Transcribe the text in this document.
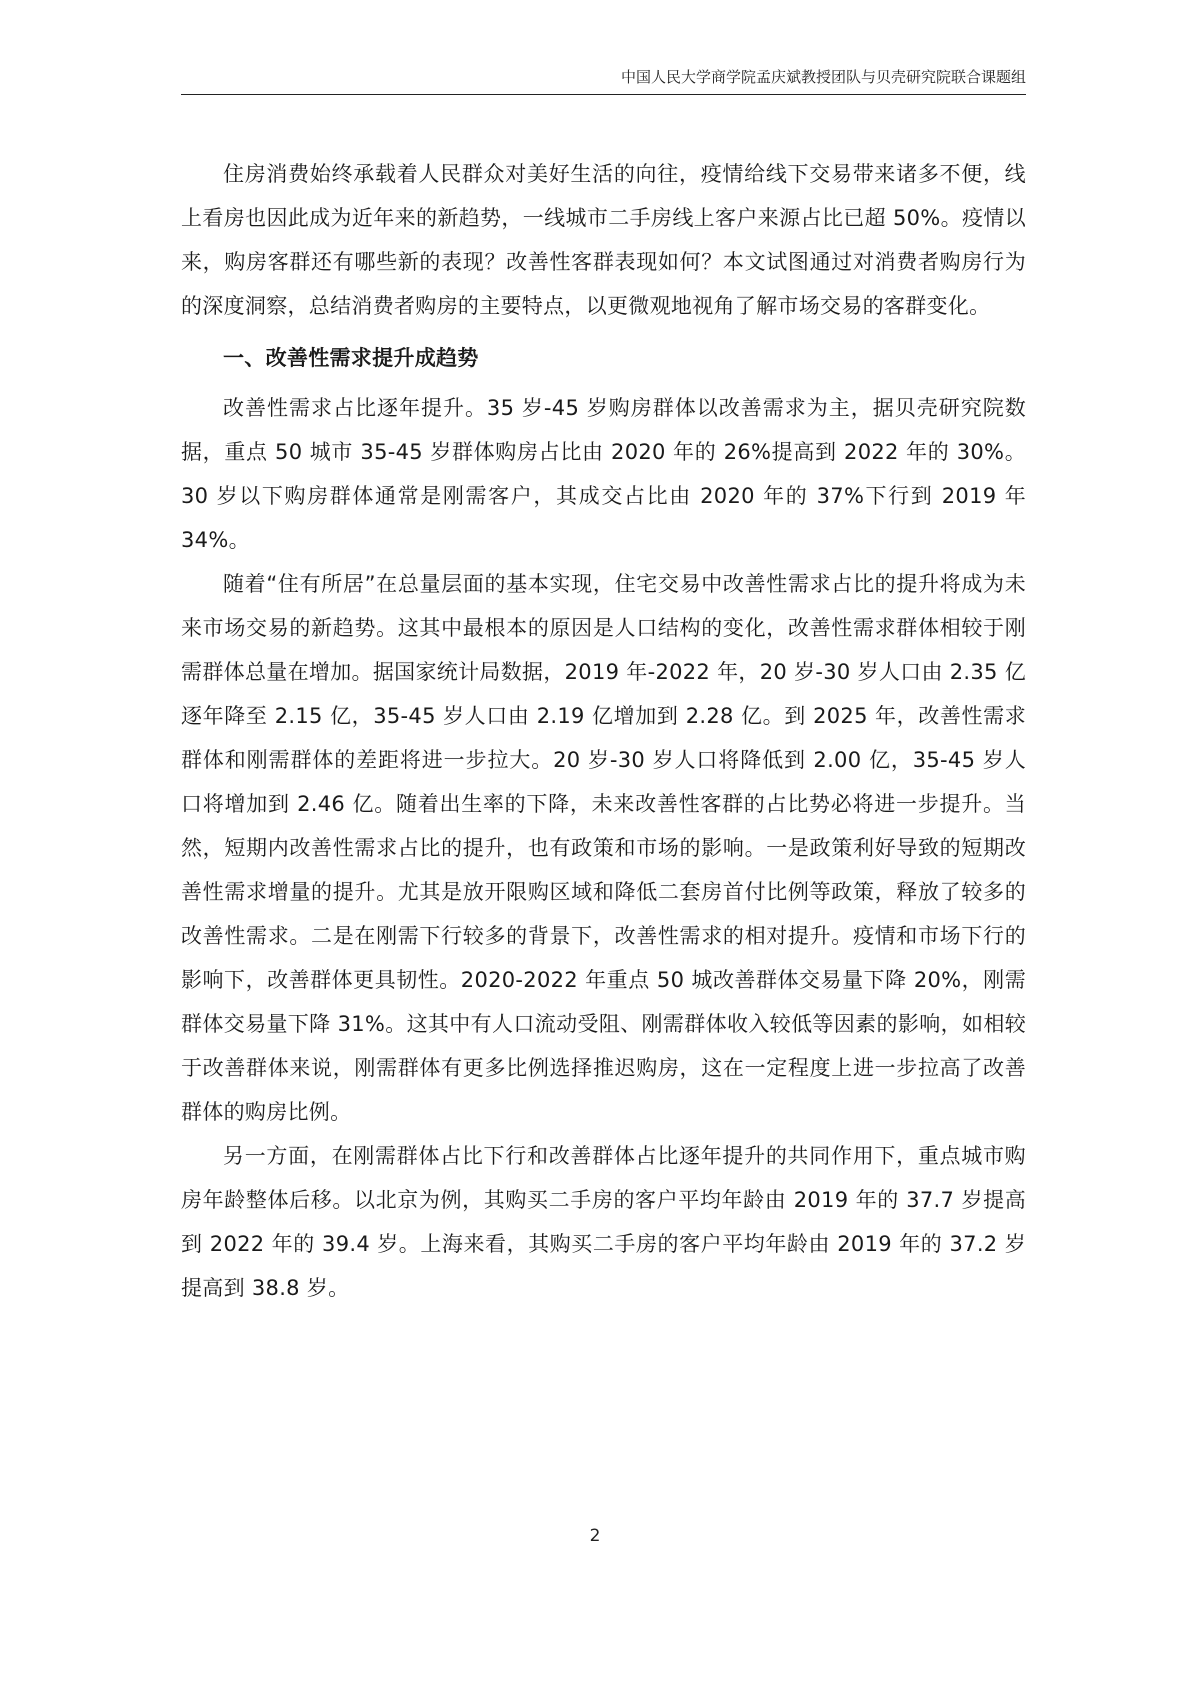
中国人民大学商学院孟庆斌教授团队与贝壳研究院联合课题组

住房消费始终承载着人民群众对美好生活的向往，疫情给线下交易带来诸多不便，线上看房也因此成为近年来的新趋势，一线城市二手房线上客户来源占比已超 50%。疫情以来，购房客群还有哪些新的表现？改善性客群表现如何？本文试图通过对消费者购房行为的深度洞察，总结消费者购房的主要特点，以更微观地视角了解市场交易的客群变化。

一、改善性需求提升成趋势

改善性需求占比逐年提升。35 岁-45 岁购房群体以改善需求为主，据贝壳研究院数据，重点 50 城市 35-45 岁群体购房占比由 2020 年的 26%提高到 2022 年的 30%。30 岁以下购房群体通常是刚需客户，其成交占比由 2020 年的 37%下行到 2019 年 34%。

随着“住有所居”在总量层面的基本实现，住宅交易中改善性需求占比的提升将成为未来市场交易的新趋势。这其中最根本的原因是人口结构的变化，改善性需求群体相较于刚需群体总量在增加。据国家统计局数据，2019 年-2022 年，20 岁-30 岁人口由 2.35 亿逐年降至 2.15 亿，35-45 岁人口由 2.19 亿增加到 2.28 亿。到 2025 年，改善性需求群体和刚需群体的差距将进一步拉大。20 岁-30 岁人口将降低到 2.00 亿，35-45 岁人口将增加到 2.46 亿。随着出生率的下降，未来改善性客群的占比势必将进一步提升。当然，短期内改善性需求占比的提升，也有政策和市场的影响。一是政策利好导致的短期改善性需求增量的提升。尤其是放开限购区域和降低二套房首付比例等政策，释放了较多的改善性需求。二是在刚需下行较多的背景下，改善性需求的相对提升。疫情和市场下行的影响下，改善群体更具韧性。2020-2022 年重点 50 城改善群体交易量下降 20%，刚需群体交易量下降 31%。这其中有人口流动受阻、刚需群体收入较低等因素的影响，如相较于改善群体来说，刚需群体有更多比例选择推迟购房，这在一定程度上进一步拉高了改善群体的购房比例。

另一方面，在刚需群体占比下行和改善群体占比逐年提升的共同作用下，重点城市购房年龄整体后移。以北京为例，其购买二手房的客户平均年龄由 2019 年的 37.7 岁提高到 2022 年的 39.4 岁。上海来看，其购买二手房的客户平均年龄由 2019 年的 37.2 岁提高到 38.8 岁。

2
